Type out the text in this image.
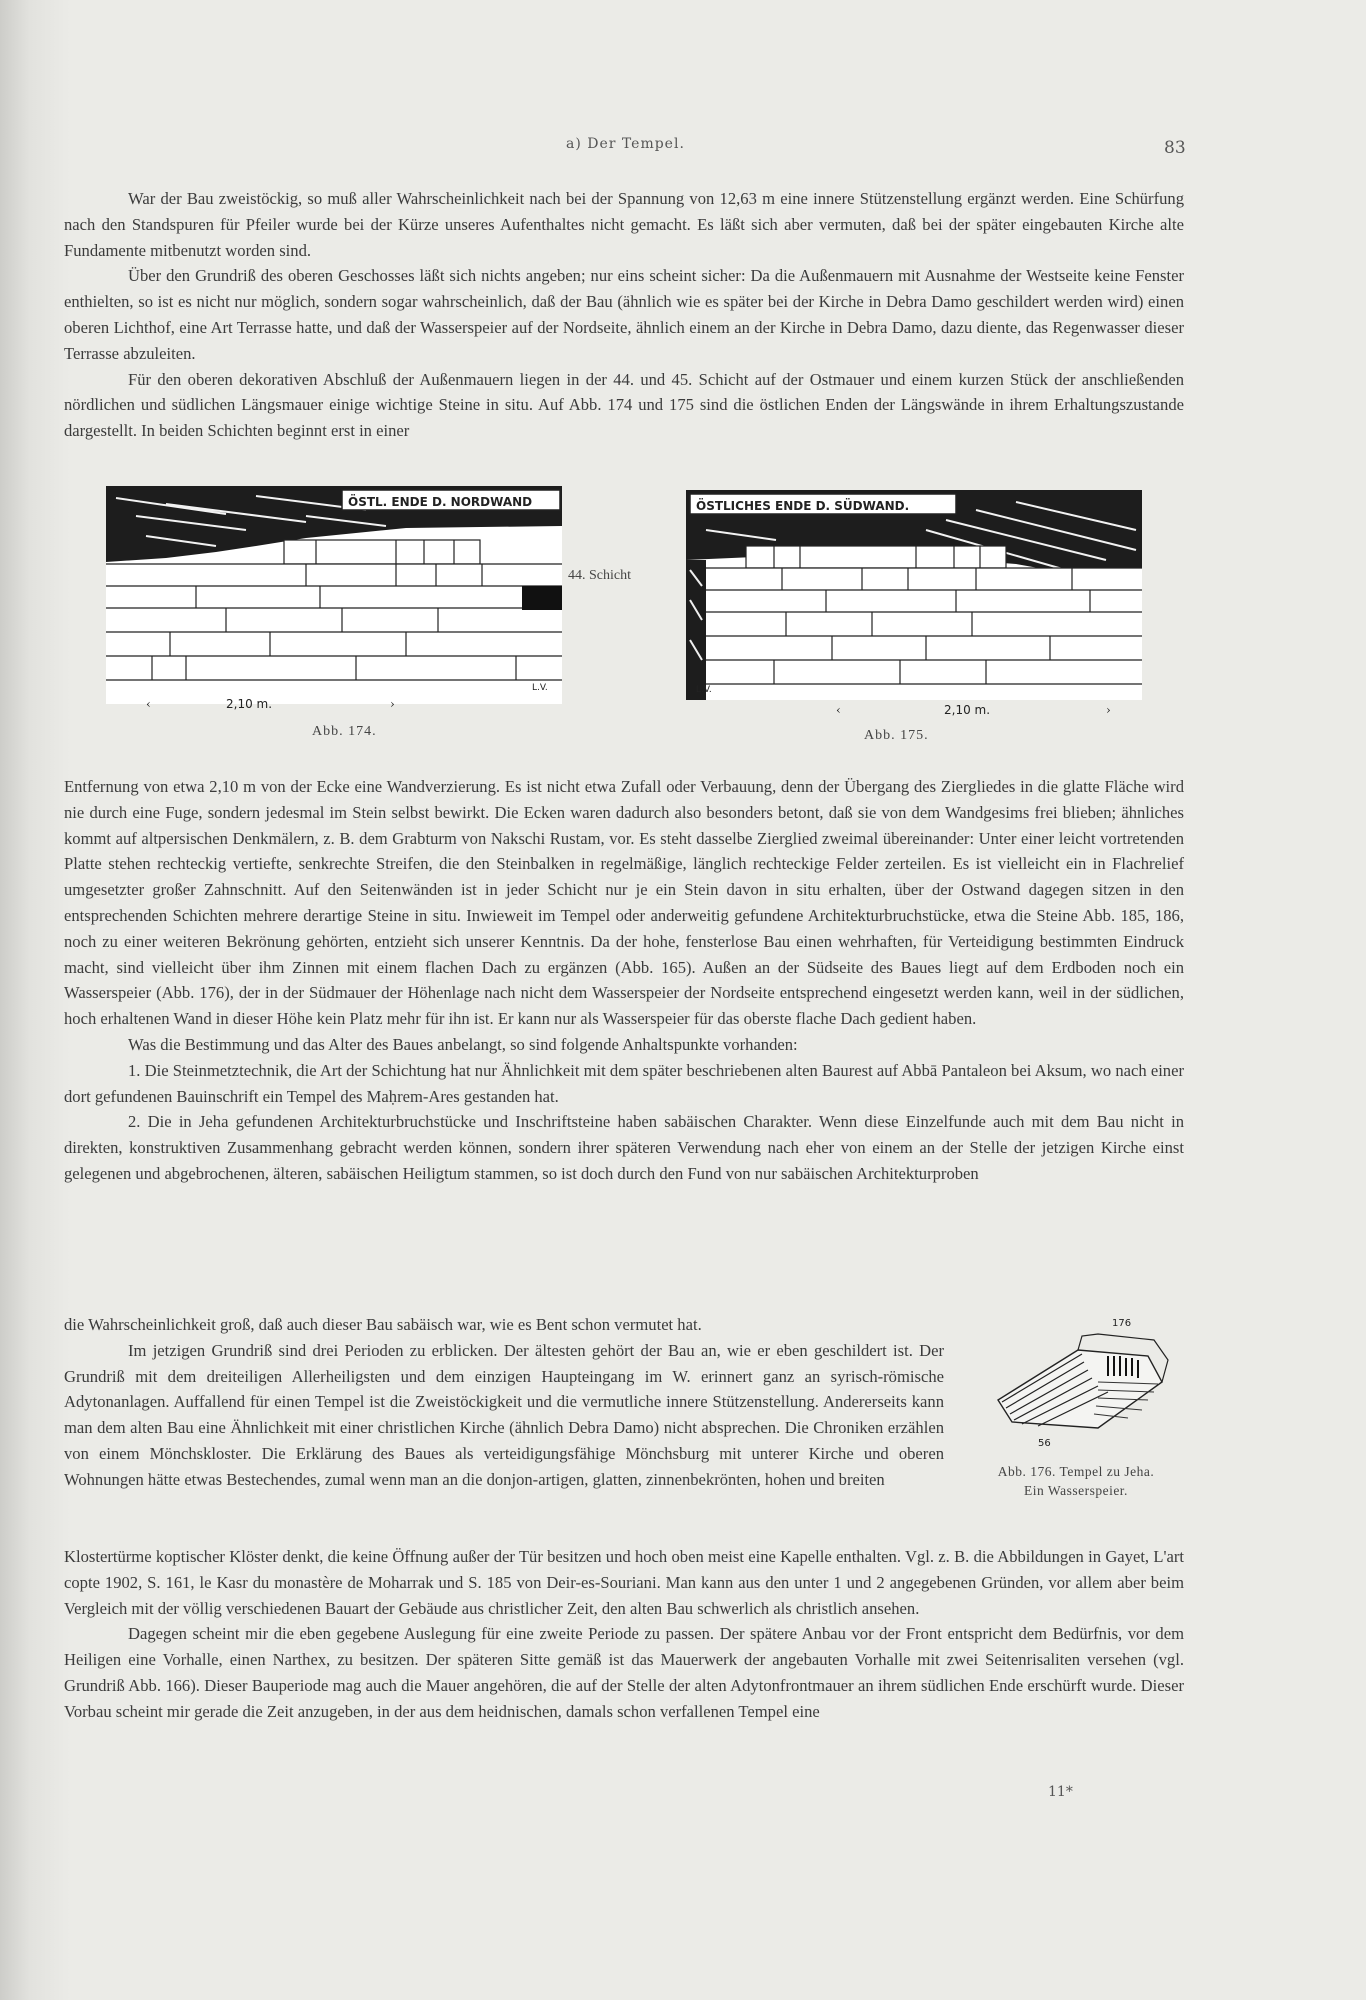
a) Der Tempel.	83

War der Bau zweistöckig, so muß aller Wahrscheinlichkeit nach bei der Spannung von 12,63 m eine innere Stützenstellung ergänzt werden. Eine Schürfung nach den Standspuren für Pfeiler wurde bei der Kürze unseres Aufenthaltes nicht gemacht. Es läßt sich aber vermuten, daß bei der später eingebauten Kirche alte Fundamente mitbenutzt worden sind.

Über den Grundriß des oberen Geschosses läßt sich nichts angeben; nur eins scheint sicher: Da die Außenmauern mit Ausnahme der Westseite keine Fenster enthielten, so ist es nicht nur möglich, sondern sogar wahrscheinlich, daß der Bau (ähnlich wie es später bei der Kirche in Debra Damo geschildert werden wird) einen oberen Lichthof, eine Art Terrasse hatte, und daß der Wasserspeier auf der Nordseite, ähnlich einem an der Kirche in Debra Damo, dazu diente, das Regenwasser dieser Terrasse abzuleiten.

Für den oberen dekorativen Abschluß der Außenmauern liegen in der 44. und 45. Schicht auf der Ostmauer und einem kurzen Stück der anschließenden nördlichen und südlichen Längsmauer einige wichtige Steine in situ. Auf Abb. 174 und 175 sind die östlichen Enden der Längswände in ihrem Erhaltungszustande dargestellt. In beiden Schichten beginnt erst in einer

ÖSTL. ENDE D. NORDWAND
2,10 m.
L.V.
‹	›
Abb. 174.
44. Schicht
ÖSTLICHES ENDE D. SÜDWAND.
L.V.
2,10 m.
‹	›
Abb. 175.

Entfernung von etwa 2,10 m von der Ecke eine Wandverzierung. Es ist nicht etwa Zufall oder Verbauung, denn der Übergang des Ziergliedes in die glatte Fläche wird nie durch eine Fuge, sondern jedesmal im Stein selbst bewirkt. Die Ecken waren dadurch also besonders betont, daß sie von dem Wandgesims frei blieben; ähnliches kommt auf altpersischen Denkmälern, z. B. dem Grabturm von Nakschi Rustam, vor. Es steht dasselbe Zierglied zweimal übereinander: Unter einer leicht vortretenden Platte stehen rechteckig vertiefte, senkrechte Streifen, die den Steinbalken in regelmäßige, länglich rechteckige Felder zerteilen. Es ist vielleicht ein in Flachrelief umgesetzter großer Zahnschnitt. Auf den Seitenwänden ist in jeder Schicht nur je ein Stein davon in situ erhalten, über der Ostwand dagegen sitzen in den entsprechenden Schichten mehrere derartige Steine in situ. Inwieweit im Tempel oder anderweitig gefundene Architekturbruchstücke, etwa die Steine Abb. 185, 186, noch zu einer weiteren Bekrönung gehörten, entzieht sich unserer Kenntnis. Da der hohe, fensterlose Bau einen wehrhaften, für Verteidigung bestimmten Eindruck macht, sind vielleicht über ihm Zinnen mit einem flachen Dach zu ergänzen (Abb. 165). Außen an der Südseite des Baues liegt auf dem Erdboden noch ein Wasserspeier (Abb. 176), der in der Südmauer der Höhenlage nach nicht dem Wasserspeier der Nordseite entsprechend eingesetzt werden kann, weil in der südlichen, hoch erhaltenen Wand in dieser Höhe kein Platz mehr für ihn ist. Er kann nur als Wasserspeier für das oberste flache Dach gedient haben.

Was die Bestimmung und das Alter des Baues anbelangt, so sind folgende Anhaltspunkte vorhanden:

1. Die Steinmetztechnik, die Art der Schichtung hat nur Ähnlichkeit mit dem später beschriebenen alten Baurest auf Abbā Pantaleon bei Aksum, wo nach einer dort gefundenen Bauinschrift ein Tempel des Maḥrem-Ares gestanden hat.

2. Die in Jeha gefundenen Architekturbruchstücke und Inschriftsteine haben sabäischen Charakter. Wenn diese Einzelfunde auch mit dem Bau nicht in direkten, konstruktiven Zusammenhang gebracht werden können, sondern ihrer späteren Verwendung nach eher von einem an der Stelle der jetzigen Kirche einst gelegenen und abgebrochenen, älteren, sabäischen Heiligtum stammen, so ist doch durch den Fund von nur sabäischen Architekturproben

die Wahrscheinlichkeit groß, daß auch dieser Bau sabäisch war, wie es Bent schon vermutet hat.

Im jetzigen Grundriß sind drei Perioden zu erblicken. Der ältesten gehört der Bau an, wie er eben geschildert ist. Der Grundriß mit dem dreiteiligen Allerheiligsten und dem einzigen Haupteingang im W. erinnert ganz an syrisch-römische Adytonanlagen. Auffallend für einen Tempel ist die Zweistöckigkeit und die vermutliche innere Stützenstellung. Andererseits kann man dem alten Bau eine Ähnlichkeit mit einer christlichen Kirche (ähnlich Debra Damo) nicht absprechen. Die Chroniken erzählen von einem Mönchskloster. Die Erklärung des Baues als verteidigungsfähige Mönchsburg mit unterer Kirche und oberen Wohnungen hätte etwas Bestechendes, zumal wenn man an die donjon-artigen, glatten, zinnenbekrönten, hohen und breiten

176
56
Abb. 176. Tempel zu Jeha.
Ein Wasserspeier.

Klostertürme koptischer Klöster denkt, die keine Öffnung außer der Tür besitzen und hoch oben meist eine Kapelle enthalten. Vgl. z. B. die Abbildungen in Gayet, L'art copte 1902, S. 161, le Kasr du monastère de Moharrak und S. 185 von Deir-es-Souriani. Man kann aus den unter 1 und 2 angegebenen Gründen, vor allem aber beim Vergleich mit der völlig verschiedenen Bauart der Gebäude aus christlicher Zeit, den alten Bau schwerlich als christlich ansehen.

Dagegen scheint mir die eben gegebene Auslegung für eine zweite Periode zu passen. Der spätere Anbau vor der Front entspricht dem Bedürfnis, vor dem Heiligen eine Vorhalle, einen Narthex, zu besitzen. Der späteren Sitte gemäß ist das Mauerwerk der angebauten Vorhalle mit zwei Seitenrisaliten versehen (vgl. Grundriß Abb. 166). Dieser Bauperiode mag auch die Mauer angehören, die auf der Stelle der alten Adytonfrontmauer an ihrem südlichen Ende erschürft wurde. Dieser Vorbau scheint mir gerade die Zeit anzugeben, in der aus dem heidnischen, damals schon verfallenen Tempel eine

11*
